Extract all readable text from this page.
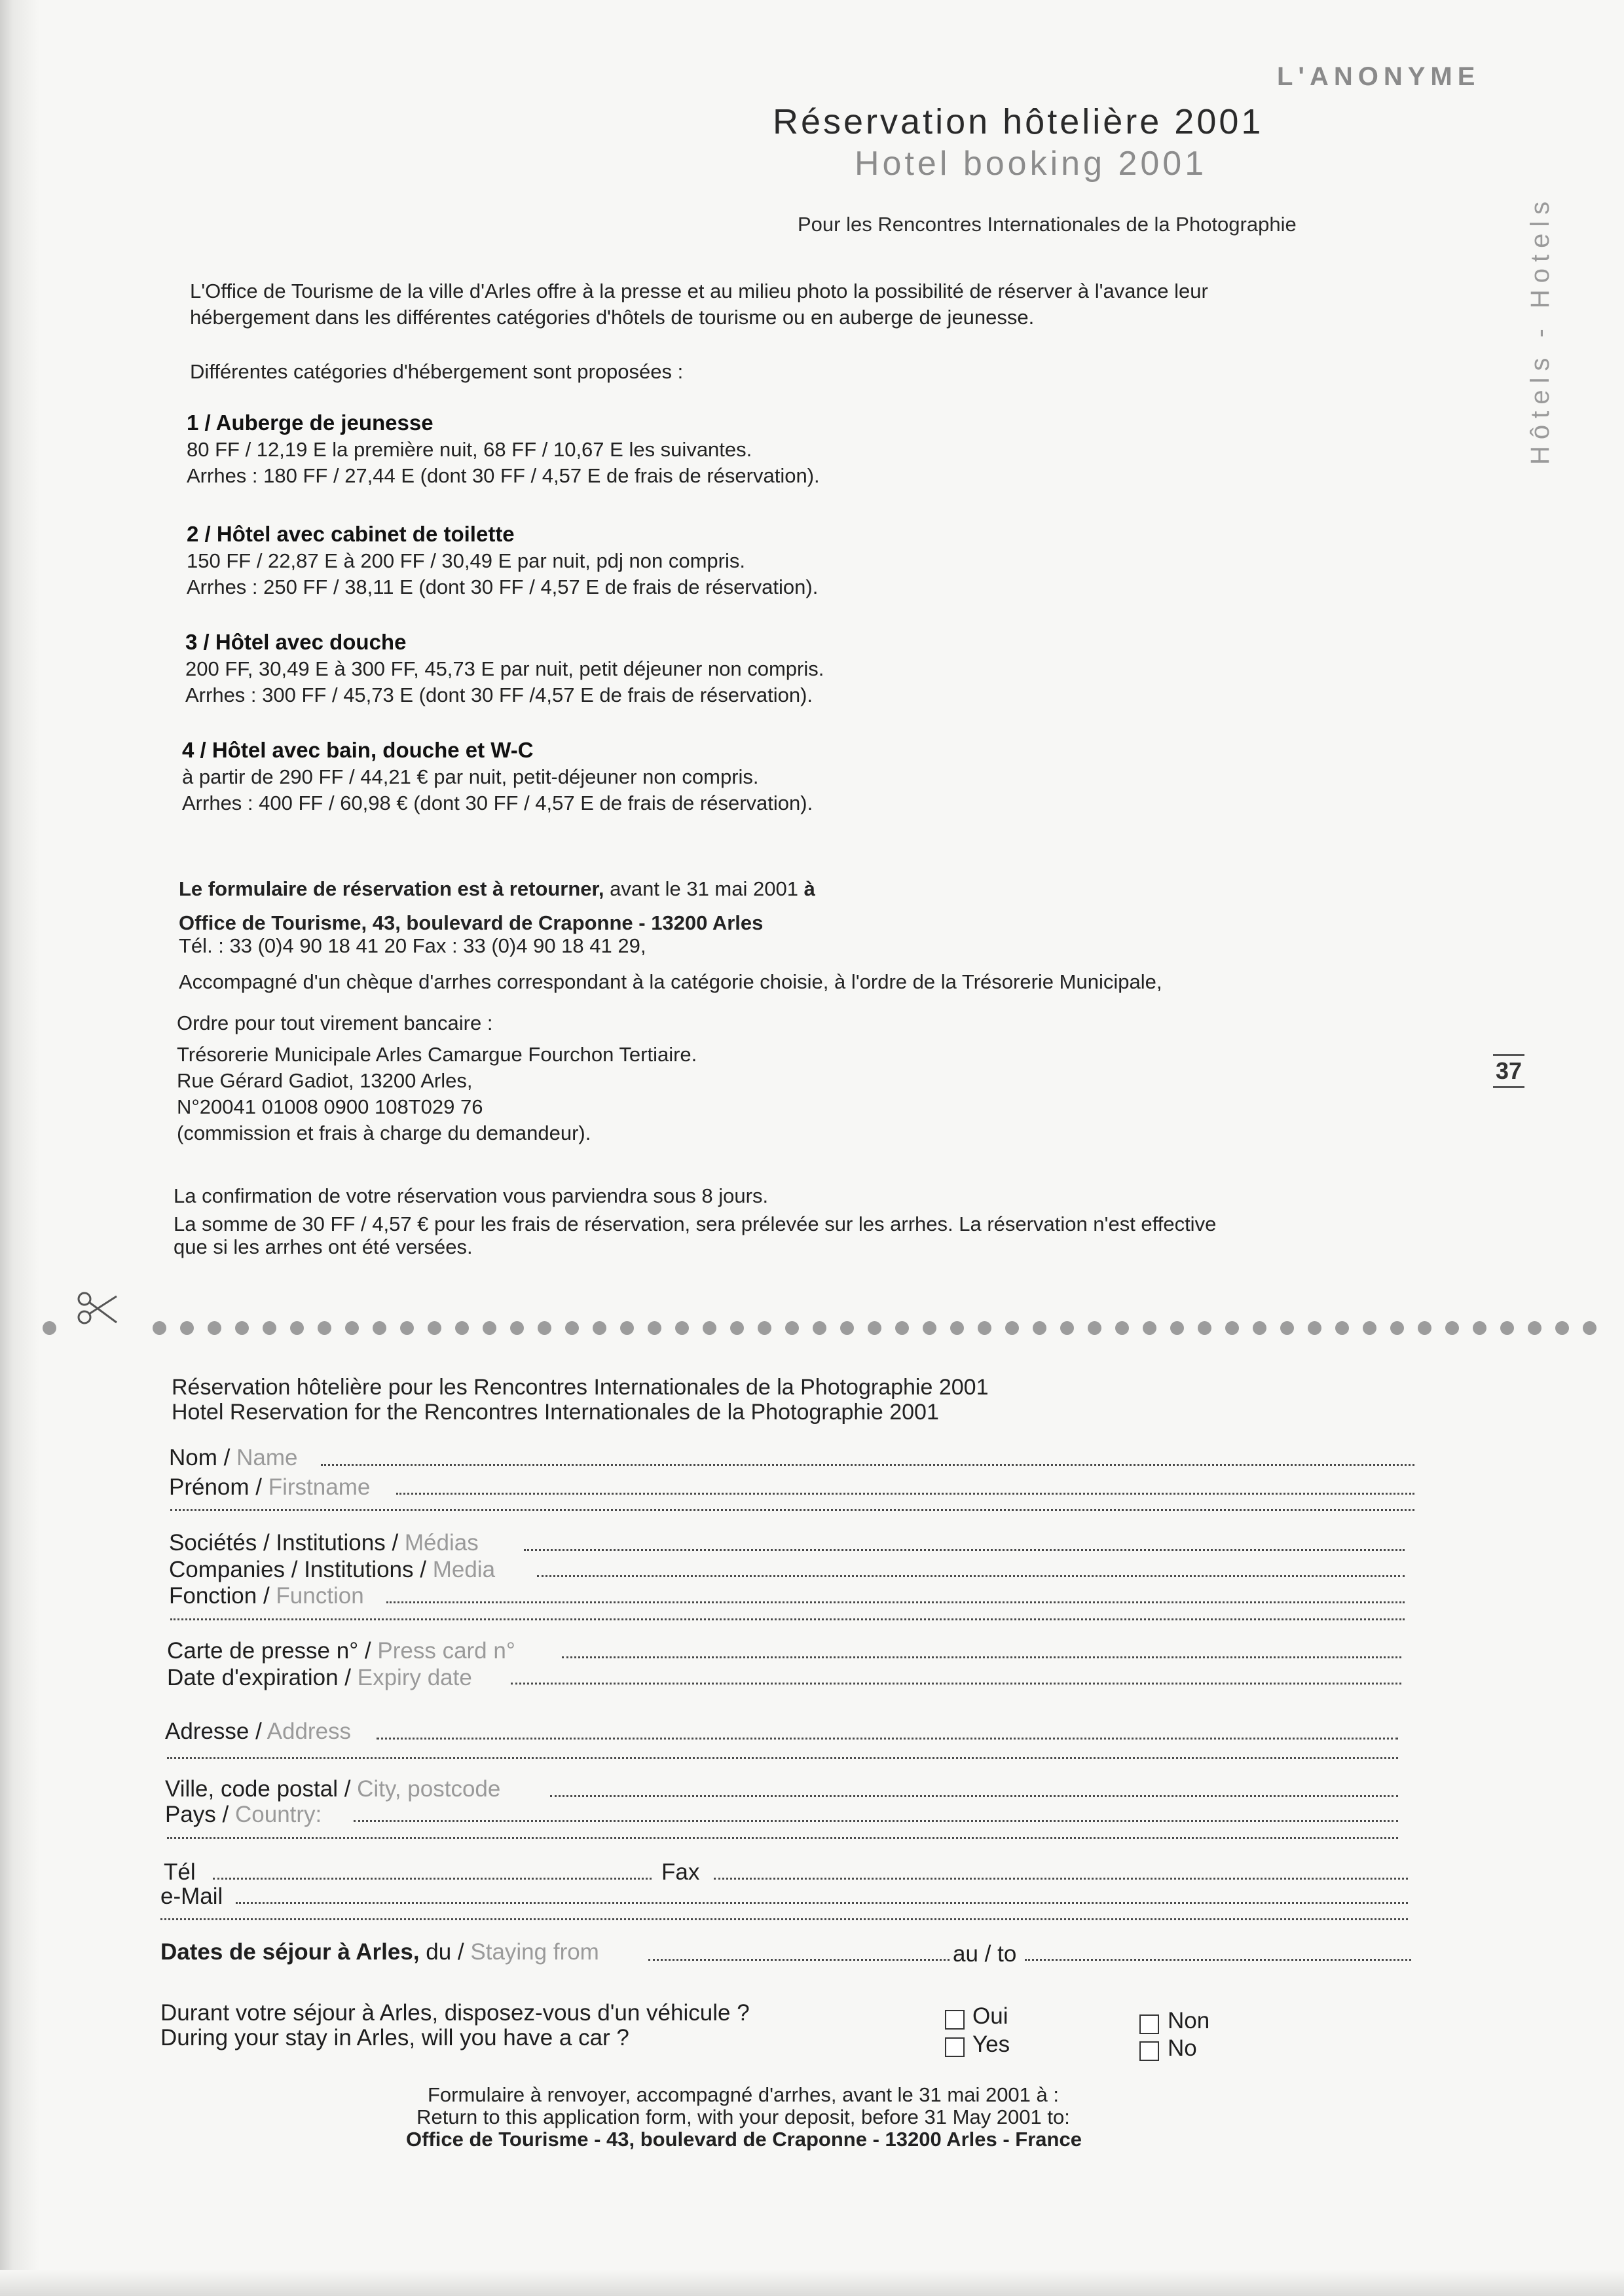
L'ANONYME
Réservation hôtelière 2001
Hotel booking 2001
Pour les Rencontres Internationales de la Photographie	Hôtels - Hotels
37
L'Office de Tourisme de la ville d'Arles offre à la presse et au milieu photo la possibilité de réserver à l'avance leur
hébergement dans les différentes catégories d'hôtels de tourisme ou en auberge de jeunesse.
Différentes catégories d'hébergement sont proposées :
1 / Auberge de jeunesse
80 FF / 12,19 E la première nuit, 68 FF / 10,67 E les suivantes.
Arrhes : 180 FF / 27,44 E (dont 30 FF / 4,57 E de frais de réservation).
2 / Hôtel avec cabinet de toilette
150 FF / 22,87 E à 200 FF / 30,49 E par nuit, pdj non compris.
Arrhes : 250 FF / 38,11 E (dont 30 FF / 4,57 E de frais de réservation).
3 / Hôtel avec douche
200 FF, 30,49 E à 300 FF, 45,73 E par nuit, petit déjeuner non compris.
Arrhes : 300 FF / 45,73 E (dont 30 FF /4,57 E de frais de réservation).
4 / Hôtel avec bain, douche et W-C
à partir de 290 FF / 44,21 € par nuit, petit-déjeuner non compris.
Arrhes : 400 FF / 60,98 € (dont 30 FF / 4,57 E de frais de réservation).
Le formulaire de réservation est à retourner, avant le 31 mai 2001 à
Office de Tourisme, 43, boulevard de Craponne - 13200 Arles
Tél. : 33 (0)4 90 18 41 20 Fax : 33 (0)4 90 18 41 29,
Accompagné d'un chèque d'arrhes correspondant à la catégorie choisie, à l'ordre de la Trésorerie Municipale,
Ordre pour tout virement bancaire :
Trésorerie Municipale Arles Camargue Fourchon Tertiaire.
Rue Gérard Gadiot, 13200 Arles,
N°20041 01008 0900 108T029 76
(commission et frais à charge du demandeur).
La confirmation de votre réservation vous parviendra sous 8 jours.
La somme de 30 FF / 4,57 € pour les frais de réservation, sera prélevée sur les arrhes. La réservation n'est effective
que si les arrhes ont été versées.
Réservation hôtelière pour les Rencontres Internationales de la Photographie 2001
Hotel Reservation for the Rencontres Internationales de la Photographie 2001
Nom / Name
Prénom / Firstname
Sociétés / Institutions / Médias
Companies / Institutions / Media
Fonction / Function
Carte de presse n° / Press card n°
Date d'expiration / Expiry date
Adresse / Address
Ville, code postal / City, postcode
Pays / Country:
Tél	Fax
e-Mail
Dates de séjour à Arles, du / Staying from	au / to
Durant votre séjour à Arles, disposez-vous d'un véhicule ?
During your stay in Arles, will you have a car ?
Oui
Yes
Non
No
Formulaire à renvoyer, accompagné d'arrhes, avant le 31 mai 2001 à :
Return to this application form, with your deposit, before 31 May 2001 to:
Office de Tourisme - 43, boulevard de Craponne - 13200 Arles - France
